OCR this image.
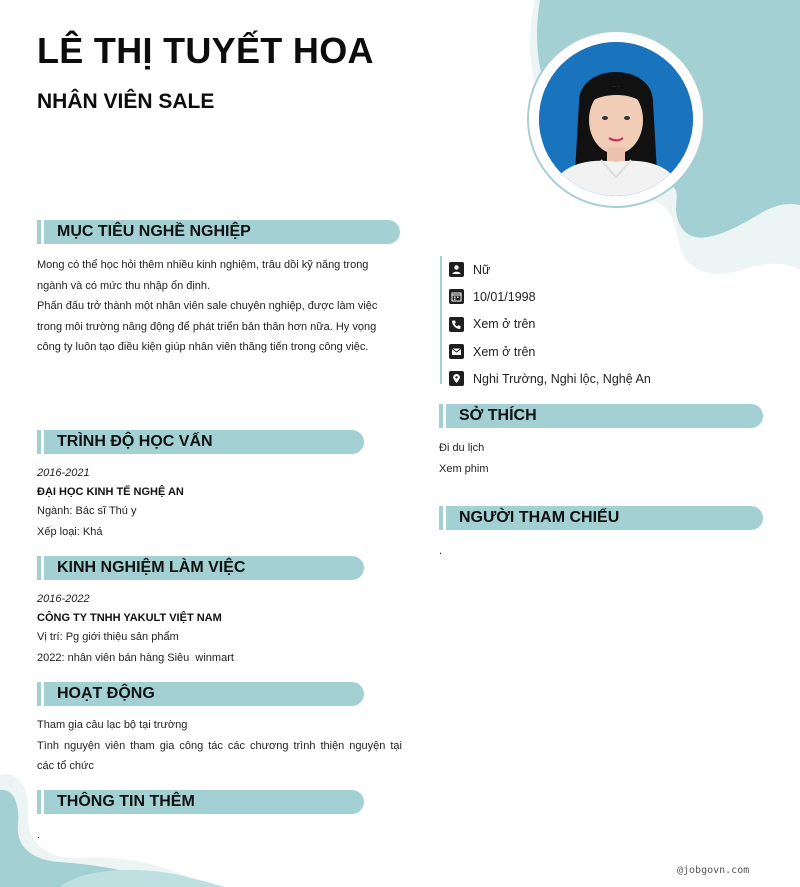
LÊ THỊ TUYẾT HOA
NHÂN VIÊN SALE
MỤC TIÊU NGHỀ NGHIỆP
Mong có thể học hỏi thêm nhiều kinh nghiệm, trâu dồi kỹ năng trong
ngành và có mức thu nhập ổn định.
Phấn đấu trở thành một nhân viên sale chuyên nghiệp, được làm việc
trong môi trường năng động để phát triển bản thân hơn nữa. Hy vọng
công ty luôn tạo điều kiện giúp nhân viên thăng tiến trong công việc.
TRÌNH ĐỘ HỌC VẤN
2016-2021
ĐẠI HỌC KINH TẾ NGHỆ AN
Ngành: Bác sĩ Thú y
Xếp loại: Khá
KINH NGHIỆM LÀM VIỆC
2016-2022
CÔNG TY TNHH YAKULT VIỆT NAM
Vị trí: Pg giới thiệu sản phẩm
2022: nhân viên bán hàng Siêu  winmart
HOẠT ĐỘNG
Tham gia câu lạc bộ tại trường
Tình nguyện viên tham gia công tác các chương trình thiện nguyện tại
các tổ chức
THÔNG TIN THÊM
.
Nữ
10/01/1998
Xem ở trên
Xem ở trên
Nghi Trường, Nghi lộc, Nghệ An
SỞ THÍCH
Đi du lịch
Xem phim
NGƯỜI THAM CHIẾU
.
@jobgovn.com
